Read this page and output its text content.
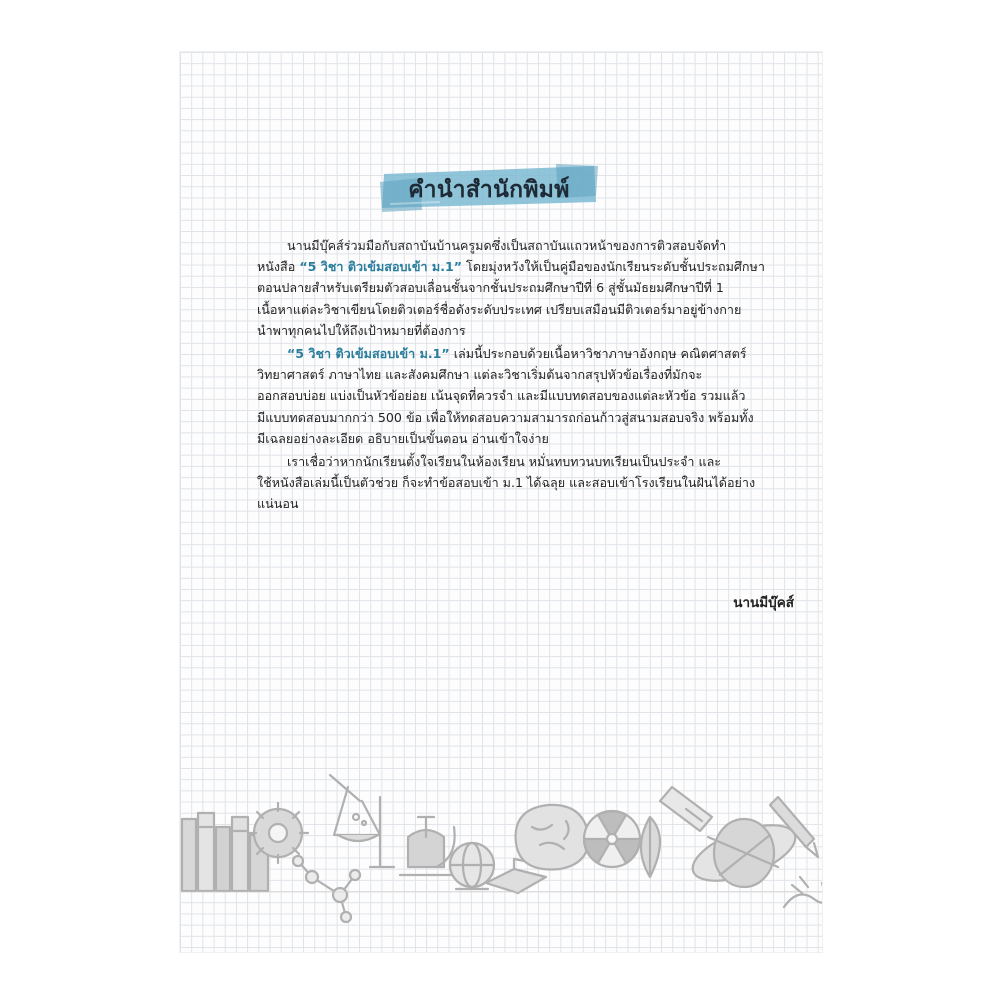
คำนำสำนักพิมพ์

นานมีบุ๊คส์ร่วมมือกับสถาบันบ้านครูมดซึ่งเป็นสถาบันแถวหน้าของการติวสอบจัดทำ
หนังสือ “5 วิชา ติวเข้มสอบเข้า ม.1” โดยมุ่งหวังให้เป็นคู่มือของนักเรียนระดับชั้นประถมศึกษา
ตอนปลายสำหรับเตรียมตัวสอบเลื่อนชั้นจากชั้นประถมศึกษาปีที่ 6 สู่ชั้นมัธยมศึกษาปีที่ 1
เนื้อหาแต่ละวิชาเขียนโดยติวเตอร์ชื่อดังระดับประเทศ เปรียบเสมือนมีติวเตอร์มาอยู่ข้างกาย
นำพาทุกคนไปให้ถึงเป้าหมายที่ต้องการ

“5 วิชา ติวเข้มสอบเข้า ม.1” เล่มนี้ประกอบด้วยเนื้อหาวิชาภาษาอังกฤษ คณิตศาสตร์
วิทยาศาสตร์ ภาษาไทย และสังคมศึกษา แต่ละวิชาเริ่มต้นจากสรุปหัวข้อเรื่องที่มักจะ
ออกสอบบ่อย แบ่งเป็นหัวข้อย่อย เน้นจุดที่ควรจำ และมีแบบทดสอบของแต่ละหัวข้อ รวมแล้ว
มีแบบทดสอบมากกว่า 500 ข้อ เพื่อให้ทดสอบความสามารถก่อนก้าวสู่สนามสอบจริง พร้อมทั้ง
มีเฉลยอย่างละเอียด อธิบายเป็นขั้นตอน อ่านเข้าใจง่าย

เราเชื่อว่าหากนักเรียนตั้งใจเรียนในห้องเรียน หมั่นทบทวนบทเรียนเป็นประจำ และ
ใช้หนังสือเล่มนี้เป็นตัวช่วย ก็จะทำข้อสอบเข้า ม.1 ได้ฉลุย และสอบเข้าโรงเรียนในฝันได้อย่าง
แน่นอน

นานมีบุ๊คส์
